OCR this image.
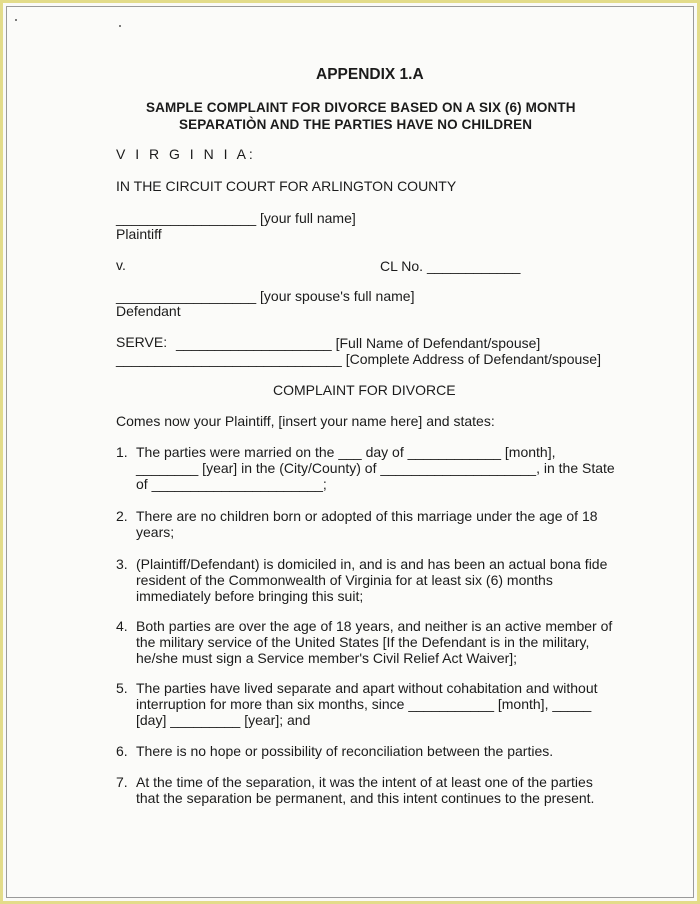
APPENDIX 1.A
SAMPLE COMPLAINT FOR DIVORCE BASED ON A SIX (6) MONTH
SEPARATIÒN AND THE PARTIES HAVE NO CHILDREN
V I R G I N I A:
IN THE CIRCUIT COURT FOR ARLINGTON COUNTY
__________________ [your full name]
Plaintiff
v.	CL No. ____________
__________________ [your spouse's full name]
Defendant
SERVE: ____________________ [Full Name of Defendant/spouse]
_____________________________ [Complete Address of Defendant/spouse]
COMPLAINT FOR DIVORCE
Comes now your Plaintiff, [insert your name here] and states:
1. The parties were married on the ___ day of ____________ [month],
________ [year] in the (City/County) of ____________________, in the State
of ______________________;
2. There are no children born or adopted of this marriage under the age of 18
years;
3. (Plaintiff/Defendant) is domiciled in, and is and has been an actual bona fide
resident of the Commonwealth of Virginia for at least six (6) months
immediately before bringing this suit;
4. Both parties are over the age of 18 years, and neither is an active member of
the military service of the United States [If the Defendant is in the military,
he/she must sign a Service member's Civil Relief Act Waiver];
5. The parties have lived separate and apart without cohabitation and without
interruption for more than six months, since ___________ [month], _____
[day] _________ [year]; and
6. There is no hope or possibility of reconciliation between the parties.
7. At the time of the separation, it was the intent of at least one of the parties
that the separation be permanent, and this intent continues to the present.
